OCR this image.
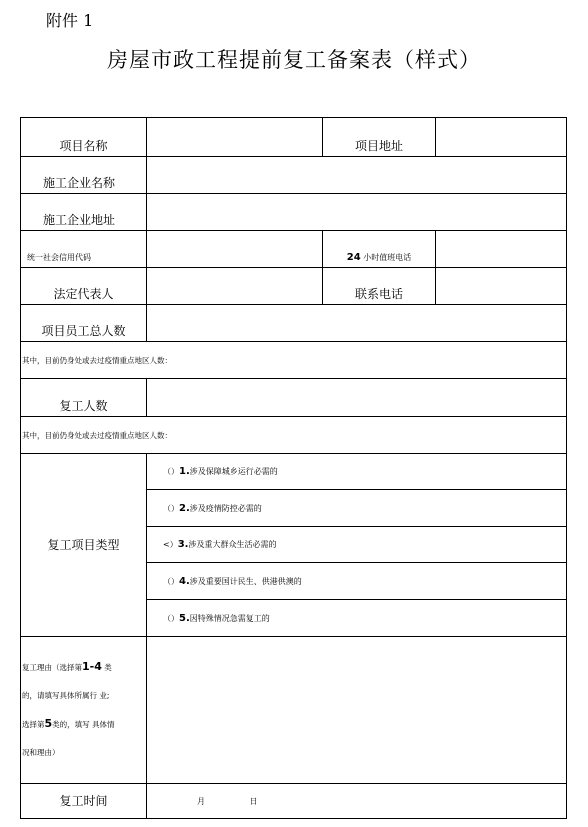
附件 1
房屋市政工程提前复工备案表（样式）
项目名称		项目地址	
施工企业名称			
施工企业地址			
统一社会信用代码		24 小时值班电话	
法定代表人		联系电话	
项目员工总人数			
其中，目前仍身处或去过疫情重点地区人数：			
复工人数			
其中，目前仍身处或去过疫情重点地区人数：			
复工项目类型	（）1.涉及保障城乡运行必需的		
	（）2.涉及疫情防控必需的		
	<）3.涉及重大群众生活必需的		
	（）4.涉及重要国计民生、供港供澳的		
	（）5.因特殊情况急需复工的		

复工理由（选择第1-4 类
的，请填写具体所属行 业;
选择第5类的，填写 具体情
况和理由）			

复工时间	月 日		
